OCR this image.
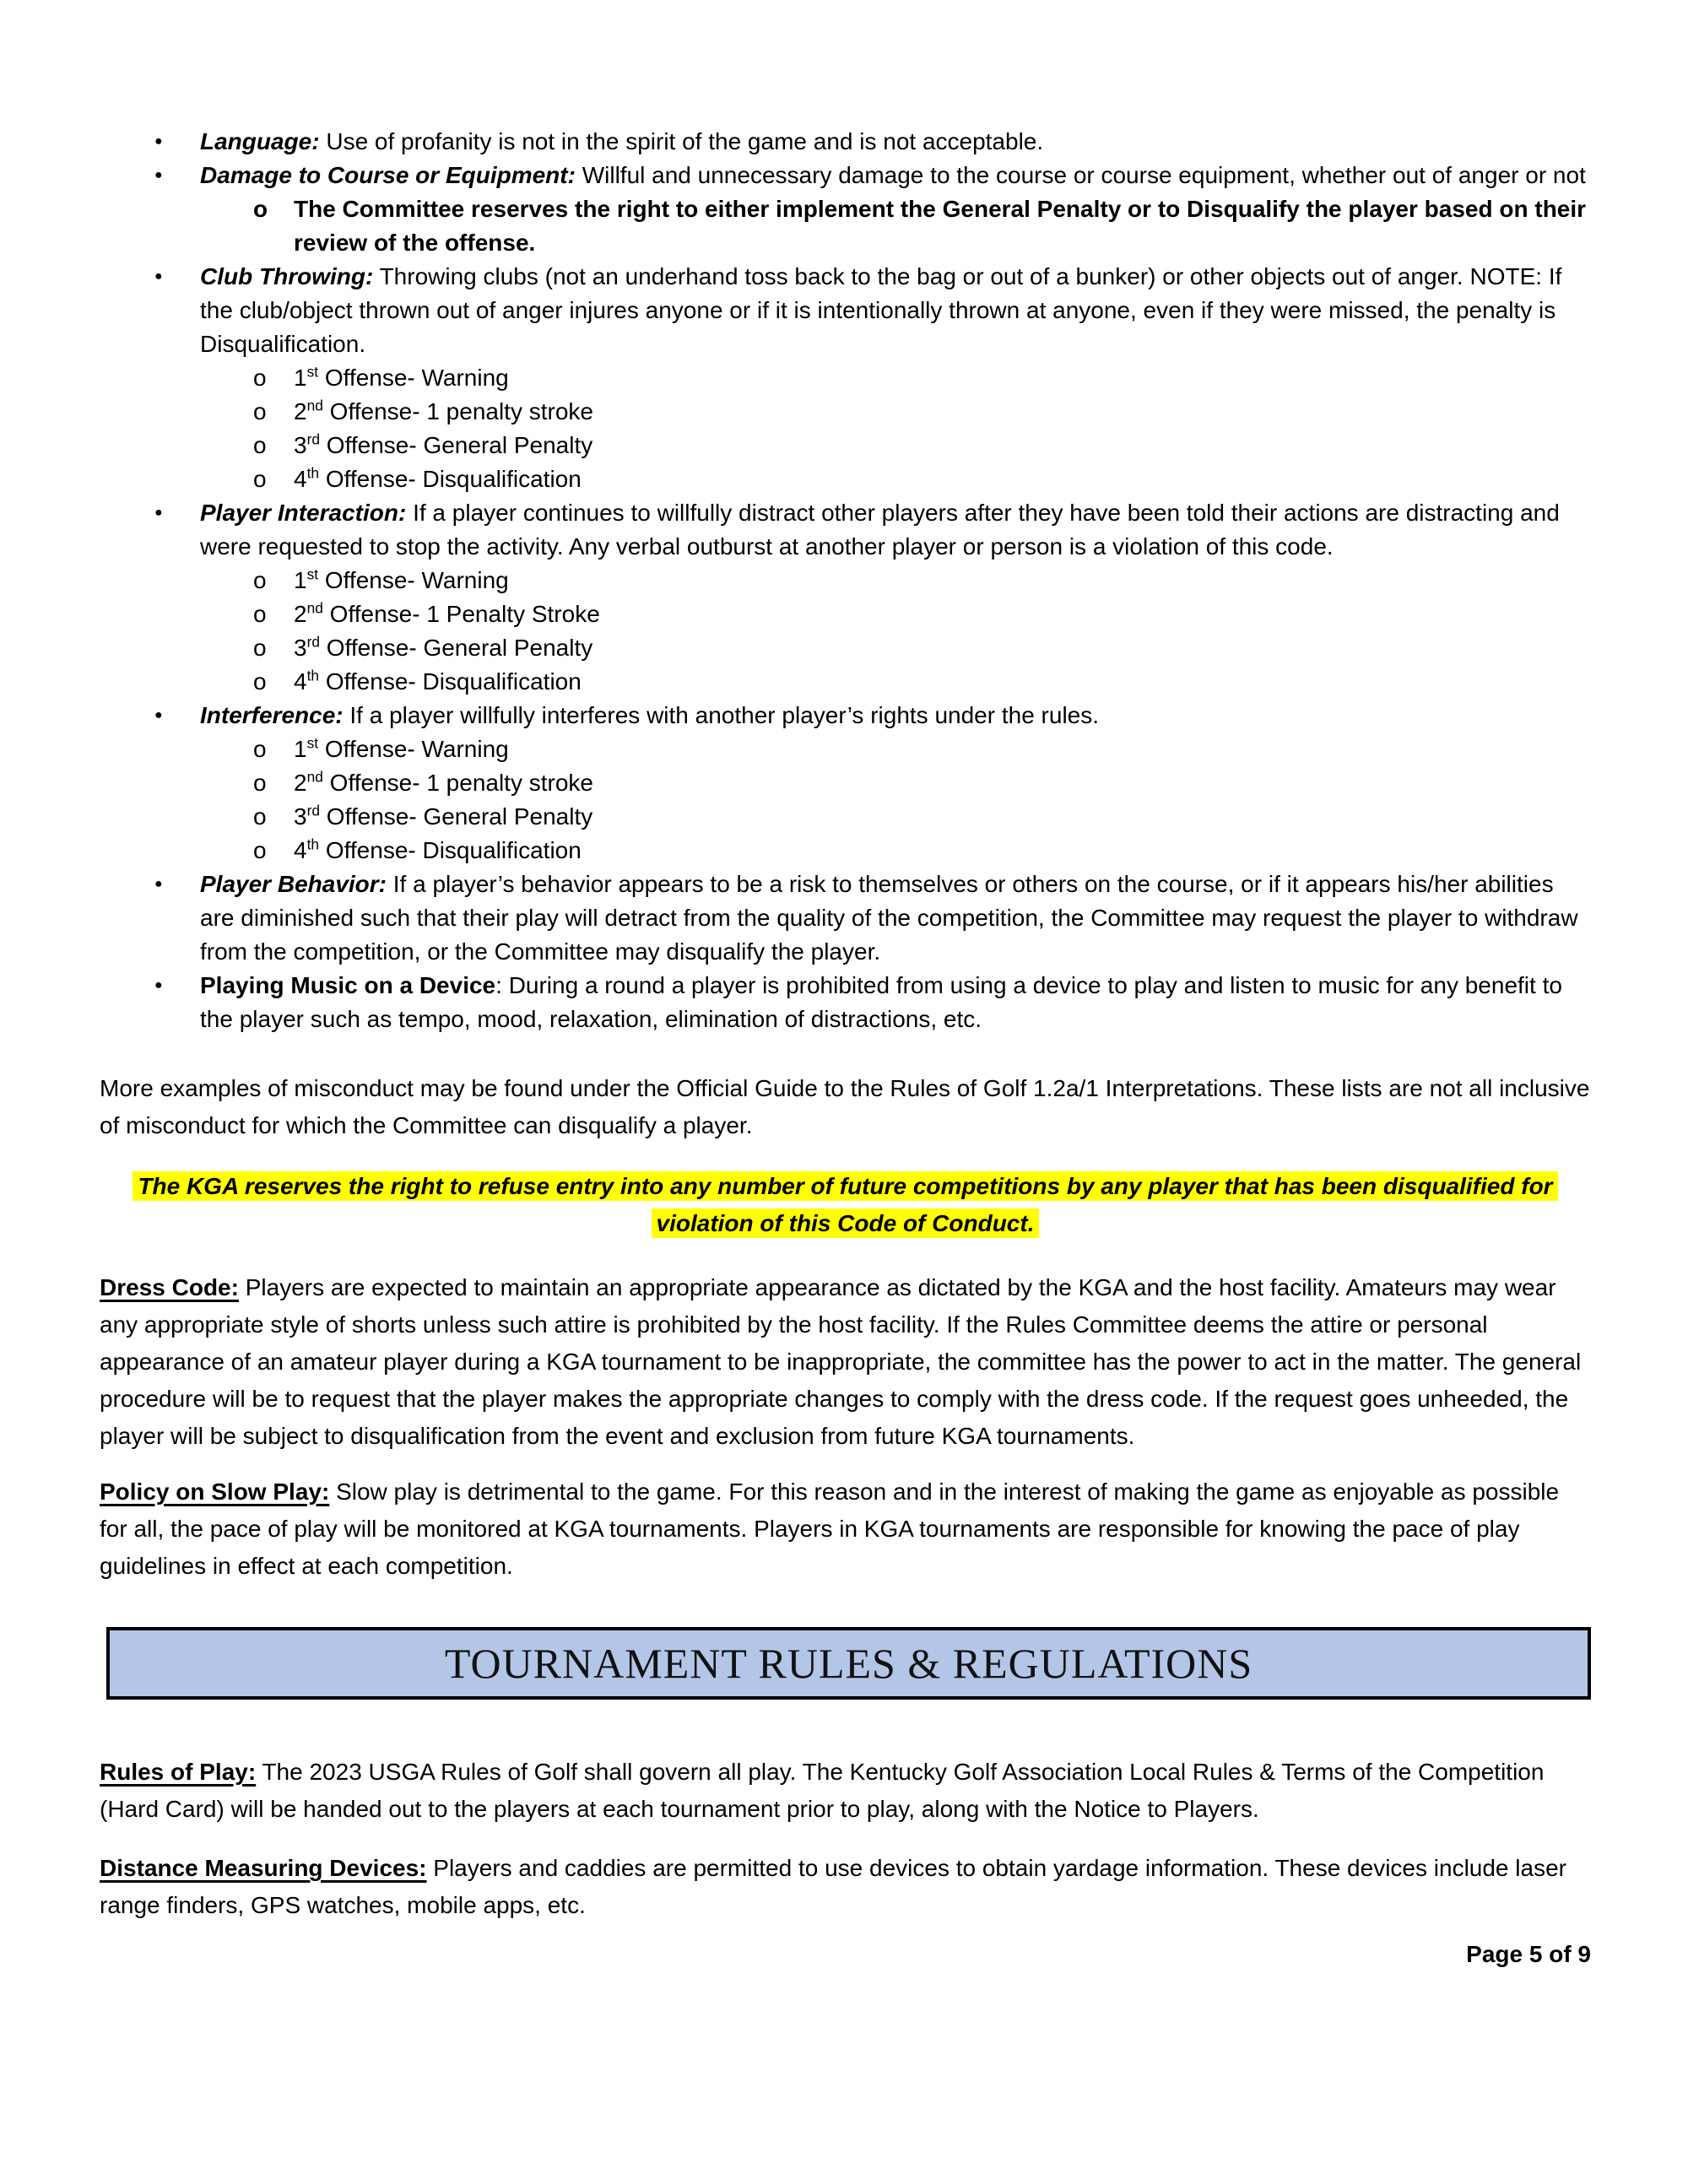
●	Language: Use of profanity is not in the spirit of the game and is not acceptable.
●	Damage to Course or Equipment: Willful and unnecessary damage to the course or course equipment, whether out of anger or not
o	The Committee reserves the right to either implement the General Penalty or to Disqualify the player based on their review of the offense.
●	Club Throwing: Throwing clubs (not an underhand toss back to the bag or out of a bunker) or other objects out of anger. NOTE: If the club/object thrown out of anger injures anyone or if it is intentionally thrown at anyone, even if they were missed, the penalty is Disqualification.
o	1st Offense- Warning
o	2nd Offense- 1 penalty stroke
o	3rd Offense- General Penalty
o	4th Offense- Disqualification
●	Player Interaction: If a player continues to willfully distract other players after they have been told their actions are distracting and were requested to stop the activity. Any verbal outburst at another player or person is a violation of this code.
o	1st Offense- Warning
o	2nd Offense- 1 Penalty Stroke
o	3rd Offense- General Penalty
o	4th Offense- Disqualification
●	Interference: If a player willfully interferes with another player’s rights under the rules.
o	1st Offense- Warning
o	2nd Offense- 1 penalty stroke
o	3rd Offense- General Penalty
o	4th Offense- Disqualification
●	Player Behavior: If a player’s behavior appears to be a risk to themselves or others on the course, or if it appears his/her abilities are diminished such that their play will detract from the quality of the competition, the Committee may request the player to withdraw from the competition, or the Committee may disqualify the player.
●	Playing Music on a Device: During a round a player is prohibited from using a device to play and listen to music for any benefit to the player such as tempo, mood, relaxation, elimination of distractions, etc.

More examples of misconduct may be found under the Official Guide to the Rules of Golf 1.2a/1 Interpretations. These lists are not all inclusive of misconduct for which the Committee can disqualify a player.

The KGA reserves the right to refuse entry into any number of future competitions by any player that has been disqualified for violation of this Code of Conduct.

Dress Code: Players are expected to maintain an appropriate appearance as dictated by the KGA and the host facility. Amateurs may wear any appropriate style of shorts unless such attire is prohibited by the host facility. If the Rules Committee deems the attire or personal appearance of an amateur player during a KGA tournament to be inappropriate, the committee has the power to act in the matter. The general procedure will be to request that the player makes the appropriate changes to comply with the dress code. If the request goes unheeded, the player will be subject to disqualification from the event and exclusion from future KGA tournaments.

Policy on Slow Play: Slow play is detrimental to the game. For this reason and in the interest of making the game as enjoyable as possible for all, the pace of play will be monitored at KGA tournaments. Players in KGA tournaments are responsible for knowing the pace of play guidelines in effect at each competition.

TOURNAMENT RULES & REGULATIONS

Rules of Play: The 2023 USGA Rules of Golf shall govern all play. The Kentucky Golf Association Local Rules & Terms of the Competition (Hard Card) will be handed out to the players at each tournament prior to play, along with the Notice to Players.

Distance Measuring Devices: Players and caddies are permitted to use devices to obtain yardage information. These devices include laser range finders, GPS watches, mobile apps, etc.

Page 5 of 9
